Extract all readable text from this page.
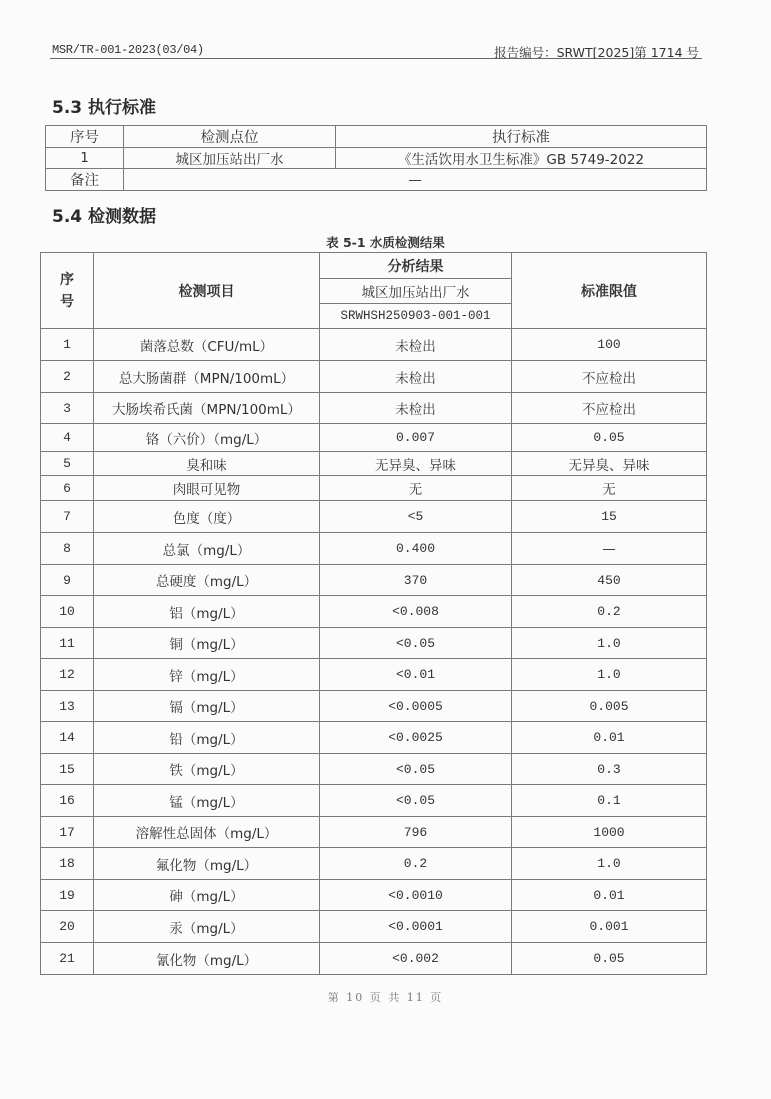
MSR/TR-001-2023(03/04)	报告编号：SRWT[2025]第 1714 号
5.3 执行标准
序号	检测点位	执行标准
1	城区加压站出厂水	《生活饮用水卫生标准》GB 5749-2022
备注	—	
5.4 检测数据
表 5-1 水质检测结果
序号	检测项目	分析结果	标准限值
		城区加压站出厂水	
		SRWHSH250903-001-001	
1	菌落总数（CFU/mL）	未检出	100
2	总大肠菌群（MPN/100mL）	未检出	不应检出
3	大肠埃希氏菌（MPN/100mL）	未检出	不应检出
4	铬（六价）（mg/L）	0.007	0.05
5	臭和味	无异臭、异味	无异臭、异味
6	肉眼可见物	无	无
7	色度（度）	<5	15
8	总氯（mg/L）	0.400	—
9	总硬度（mg/L）	370	450
10	铝（mg/L）	<0.008	0.2
11	铜（mg/L）	<0.05	1.0
12	锌（mg/L）	<0.01	1.0
13	镉（mg/L）	<0.0005	0.005
14	铅（mg/L）	<0.0025	0.01
15	铁（mg/L）	<0.05	0.3
16	锰（mg/L）	<0.05	0.1
17	溶解性总固体（mg/L）	796	1000
18	氟化物（mg/L）	0.2	1.0
19	砷（mg/L）	<0.0010	0.01
20	汞（mg/L）	<0.0001	0.001
21	氰化物（mg/L）	<0.002	0.05
第 10 页 共 11 页
